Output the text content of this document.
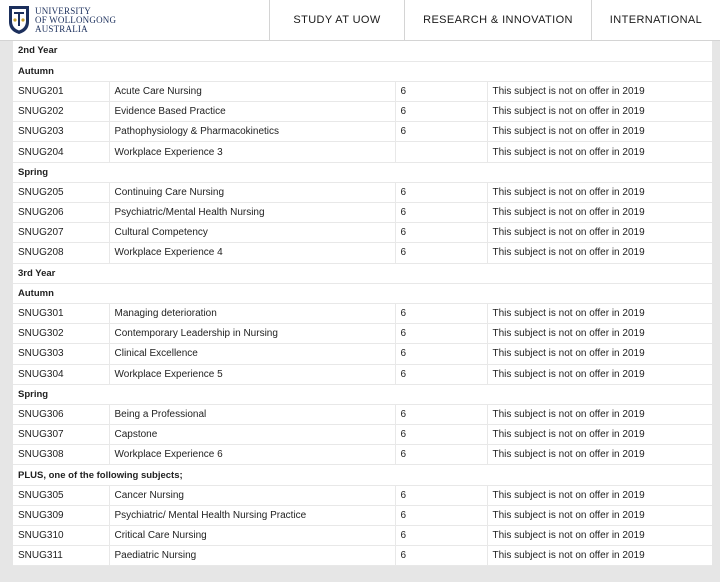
UNIVERSITY
OF WOLLONGONG
AUSTRALIA
STUDY AT UOW	RESEARCH & INNOVATION	INTERNATIONAL
2nd Year			
Autumn			
SNUG201	Acute Care Nursing	6	This subject is not on offer in 2019
SNUG202	Evidence Based Practice	6	This subject is not on offer in 2019
SNUG203	Pathophysiology & Pharmacokinetics	6	This subject is not on offer in 2019
SNUG204	Workplace Experience 3		This subject is not on offer in 2019
Spring			
SNUG205	Continuing Care Nursing	6	This subject is not on offer in 2019
SNUG206	Psychiatric/Mental Health Nursing	6	This subject is not on offer in 2019
SNUG207	Cultural Competency	6	This subject is not on offer in 2019
SNUG208	Workplace Experience 4	6	This subject is not on offer in 2019
3rd Year			
Autumn			
SNUG301	Managing deterioration	6	This subject is not on offer in 2019
SNUG302	Contemporary Leadership in Nursing	6	This subject is not on offer in 2019
SNUG303	Clinical Excellence	6	This subject is not on offer in 2019
SNUG304	Workplace Experience 5	6	This subject is not on offer in 2019
Spring			
SNUG306	Being a Professional	6	This subject is not on offer in 2019
SNUG307	Capstone	6	This subject is not on offer in 2019
SNUG308	Workplace Experience 6	6	This subject is not on offer in 2019
PLUS, one of the following subjects;			
SNUG305	Cancer Nursing	6	This subject is not on offer in 2019
SNUG309	Psychiatric/ Mental Health Nursing Practice	6	This subject is not on offer in 2019
SNUG310	Critical Care Nursing	6	This subject is not on offer in 2019
SNUG311	Paediatric Nursing	6	This subject is not on offer in 2019
